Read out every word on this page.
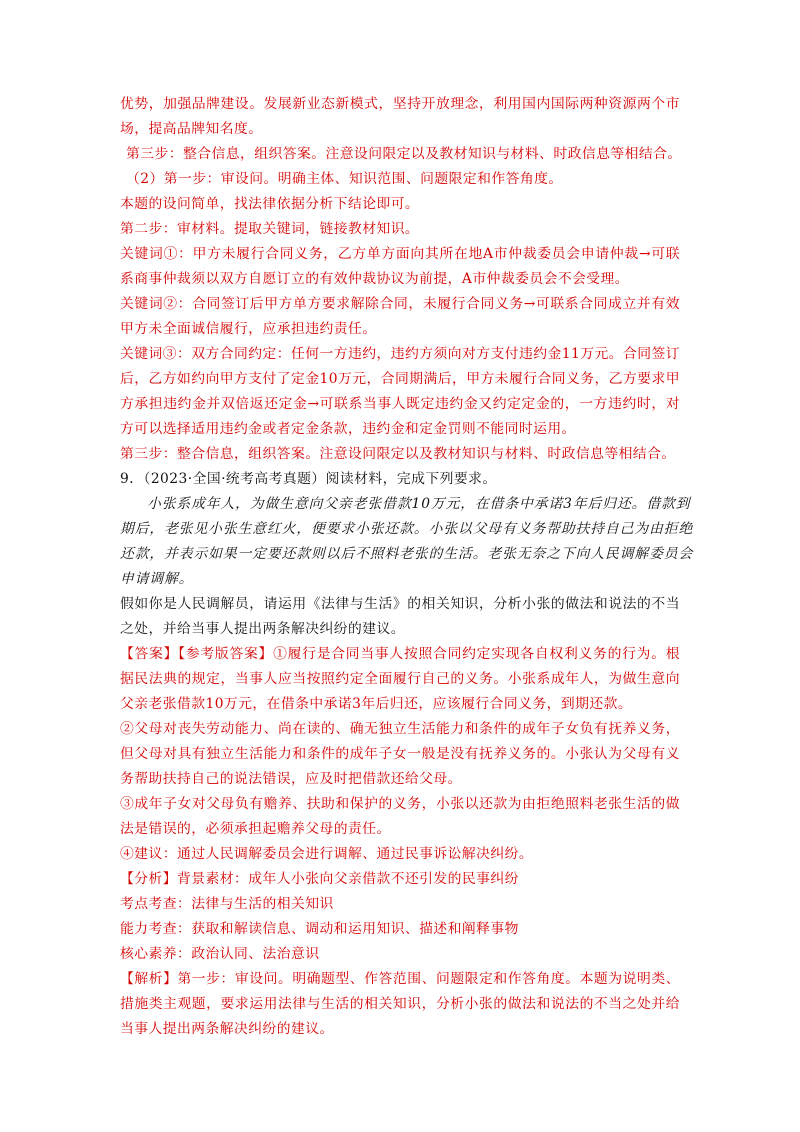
优势，加强品牌建设。发展新业态新模式，坚持开放理念，利用国内国际两种资源两个市
场，提高品牌知名度。
第三步：整合信息，组织答案。注意设问限定以及教材知识与材料、时政信息等相结合。
（2）第一步：审设问。明确主体、知识范围、问题限定和作答角度。
本题的设问简单，找法律依据分析下结论即可。
第二步：审材料。提取关键词，链接教材知识。
关键词①：甲方未履行合同义务，乙方单方面向其所在地A市仲裁委员会申请仲裁→可联
系商事仲裁须以双方自愿订立的有效仲裁协议为前提，A市仲裁委员会不会受理。
关键词②：合同签订后甲方单方要求解除合同，未履行合同义务→可联系合同成立并有效
甲方未全面诚信履行，应承担违约责任。
关键词③：双方合同约定：任何一方违约，违约方须向对方支付违约金11万元。合同签订
后，乙方如约向甲方支付了定金10万元，合同期满后，甲方未履行合同义务，乙方要求甲
方承担违约金并双倍返还定金→可联系当事人既定违约金又约定定金的，一方违约时，对
方可以选择适用违约金或者定金条款，违约金和定金罚则不能同时运用。
第三步：整合信息，组织答案。注意设问限定以及教材知识与材料、时政信息等相结合。
9．（2023·全国·统考高考真题）阅读材料，完成下列要求。
小张系成年人，为做生意向父亲老张借款10万元，在借条中承诺3年后归还。借款到
期后，老张见小张生意红火，便要求小张还款。小张以父母有义务帮助扶持自己为由拒绝
还款，并表示如果一定要还款则以后不照料老张的生活。老张无奈之下向人民调解委员会
申请调解。
假如你是人民调解员，请运用《法律与生活》的相关知识，分析小张的做法和说法的不当
之处，并给当事人提出两条解决纠纷的建议。
【答案】【参考版答案】①履行是合同当事人按照合同约定实现各自权利义务的行为。根
据民法典的规定，当事人应当按照约定全面履行自己的义务。小张系成年人，为做生意向
父亲老张借款10万元，在借条中承诺3年后归还，应该履行合同义务，到期还款。
②父母对丧失劳动能力、尚在读的、确无独立生活能力和条件的成年子女负有抚养义务，
但父母对具有独立生活能力和条件的成年子女一般是没有抚养义务的。小张认为父母有义
务帮助扶持自己的说法错误，应及时把借款还给父母。
③成年子女对父母负有赡养、扶助和保护的义务，小张以还款为由拒绝照料老张生活的做
法是错误的，必须承担起赡养父母的责任。
④建议：通过人民调解委员会进行调解、通过民事诉讼解决纠纷。
【分析】背景素材：成年人小张向父亲借款不还引发的民事纠纷
考点考查：法律与生活的相关知识
能力考查：获取和解读信息、调动和运用知识、描述和阐释事物
核心素养：政治认同、法治意识
【解析】第一步：审设问。明确题型、作答范围、问题限定和作答角度。本题为说明类、
措施类主观题，要求运用法律与生活的相关知识，分析小张的做法和说法的不当之处并给
当事人提出两条解决纠纷的建议。
